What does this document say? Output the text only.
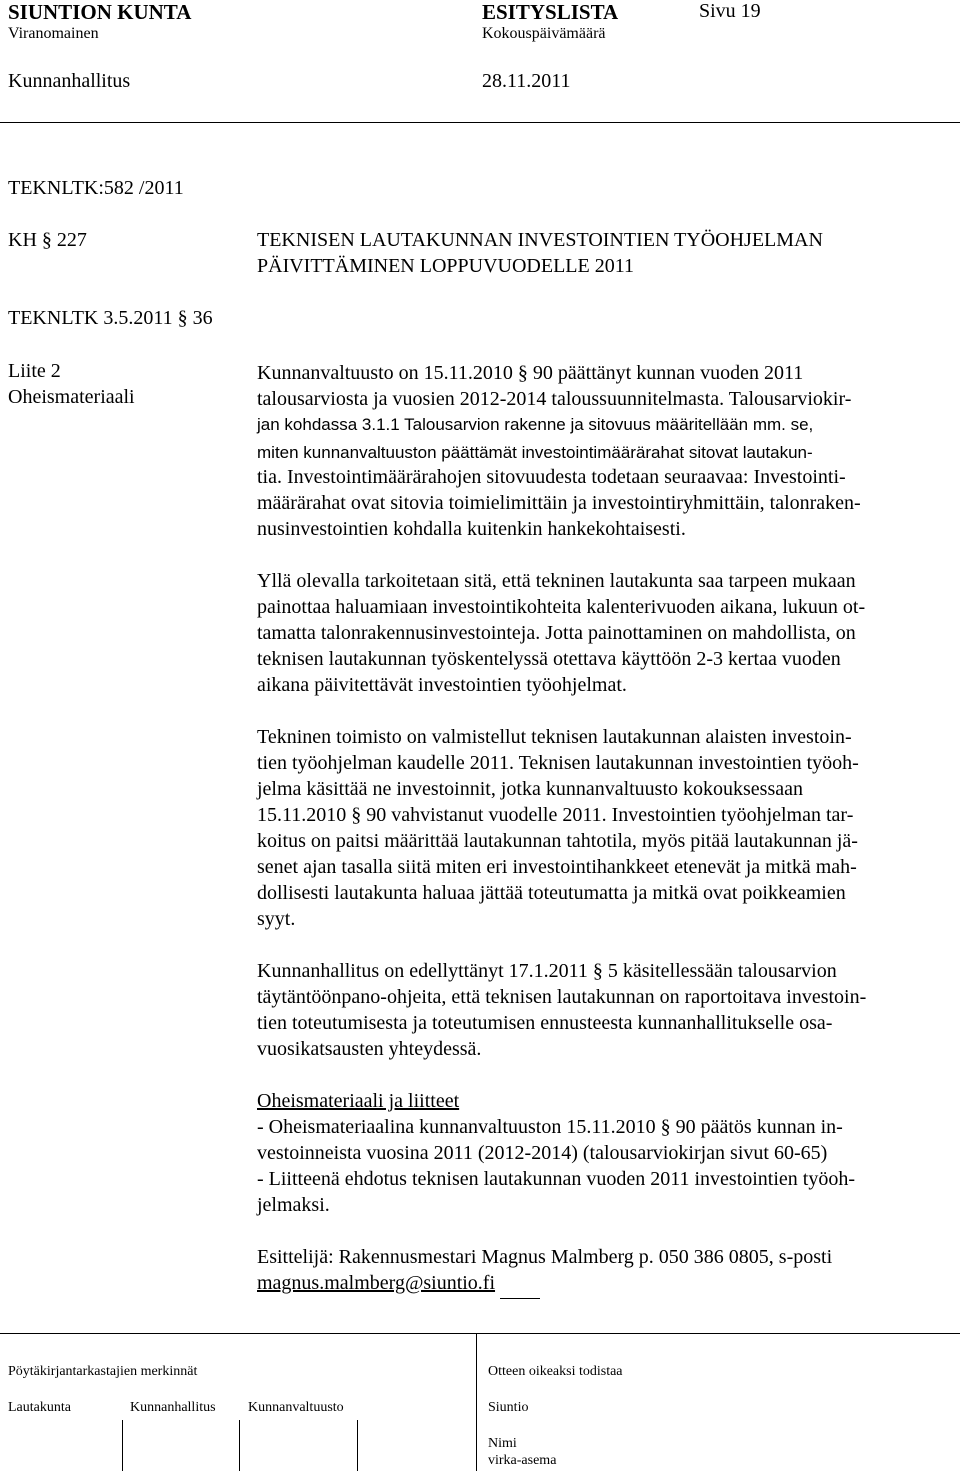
SIUNTION KUNTA	ESITYSLISTA	Sivu 19
Viranomainen	Kokouspäivämäärä
Kunnanhallitus	28.11.2011
TEKNLTK:582 /2011
KH § 227	TEKNISEN LAUTAKUNNAN INVESTOINTIEN TYÖOHJELMAN
PÄIVITTÄMINEN LOPPUVUODELLE 2011
TEKNLTK 3.5.2011 § 36
Liite 2
Oheismateriaali
Kunnanvaltuusto on 15.11.2010 § 90 päättänyt kunnan vuoden 2011
talousarviosta ja vuosien 2012-2014 taloussuunnitelmasta. Talousarviokir-
jan kohdassa 3.1.1 Talousarvion rakenne ja sitovuus määritellään mm. se,
miten kunnanvaltuuston päättämät investointimäärärahat sitovat lautakun-
tia. Investointimäärärahojen sitovuudesta todetaan seuraavaa: Investointi-
määrärahat ovat sitovia toimielimittäin ja investointiryhmittäin, talonraken-
nusinvestointien kohdalla kuitenkin hankekohtaisesti.
Yllä olevalla tarkoitetaan sitä, että tekninen lautakunta saa tarpeen mukaan
painottaa haluamiaan investointikohteita kalenterivuoden aikana, lukuun ot-
tamatta talonrakennusinvestointeja. Jotta painottaminen on mahdollista, on
teknisen lautakunnan työskentelyssä otettava käyttöön 2-3 kertaa vuoden
aikana päivitettävät investointien työohjelmat.
Tekninen toimisto on valmistellut teknisen lautakunnan alaisten investoin-
tien työohjelman kaudelle 2011. Teknisen lautakunnan investointien työoh-
jelma käsittää ne investoinnit, jotka kunnanvaltuusto kokouksessaan
15.11.2010 § 90 vahvistanut vuodelle 2011. Investointien työohjelman tar-
koitus on paitsi määrittää lautakunnan tahtotila, myös pitää lautakunnan jä-
senet ajan tasalla siitä miten eri investointihankkeet etenevät ja mitkä mah-
dollisesti lautakunta haluaa jättää toteutumatta ja mitkä ovat poikkeamien
syyt.
Kunnanhallitus on edellyttänyt 17.1.2011 § 5 käsitellessään talousarvion
täytäntöönpano-ohjeita, että teknisen lautakunnan on raportoitava investoin-
tien toteutumisesta ja toteutumisen ennusteesta kunnanhallitukselle osa-
vuosikatsausten yhteydessä.
Oheismateriaali ja liitteet
- Oheismateriaalina kunnanvaltuuston 15.11.2010 § 90 päätös kunnan in-
vestoinneista vuosina 2011 (2012-2014) (talousarviokirjan sivut 60-65)
- Liitteenä ehdotus teknisen lautakunnan vuoden 2011 investointien työoh-
jelmaksi.
Esittelijä: Rakennusmestari Magnus Malmberg p. 050 386 0805, s-posti
magnus.malmberg@siuntio.fi
Pöytäkirjantarkastajien merkinnät
Lautakunta	Kunnanhallitus Kunnanvaltuusto
Otteen oikeaksi todistaa
Siuntio
Nimi
virka-asema
